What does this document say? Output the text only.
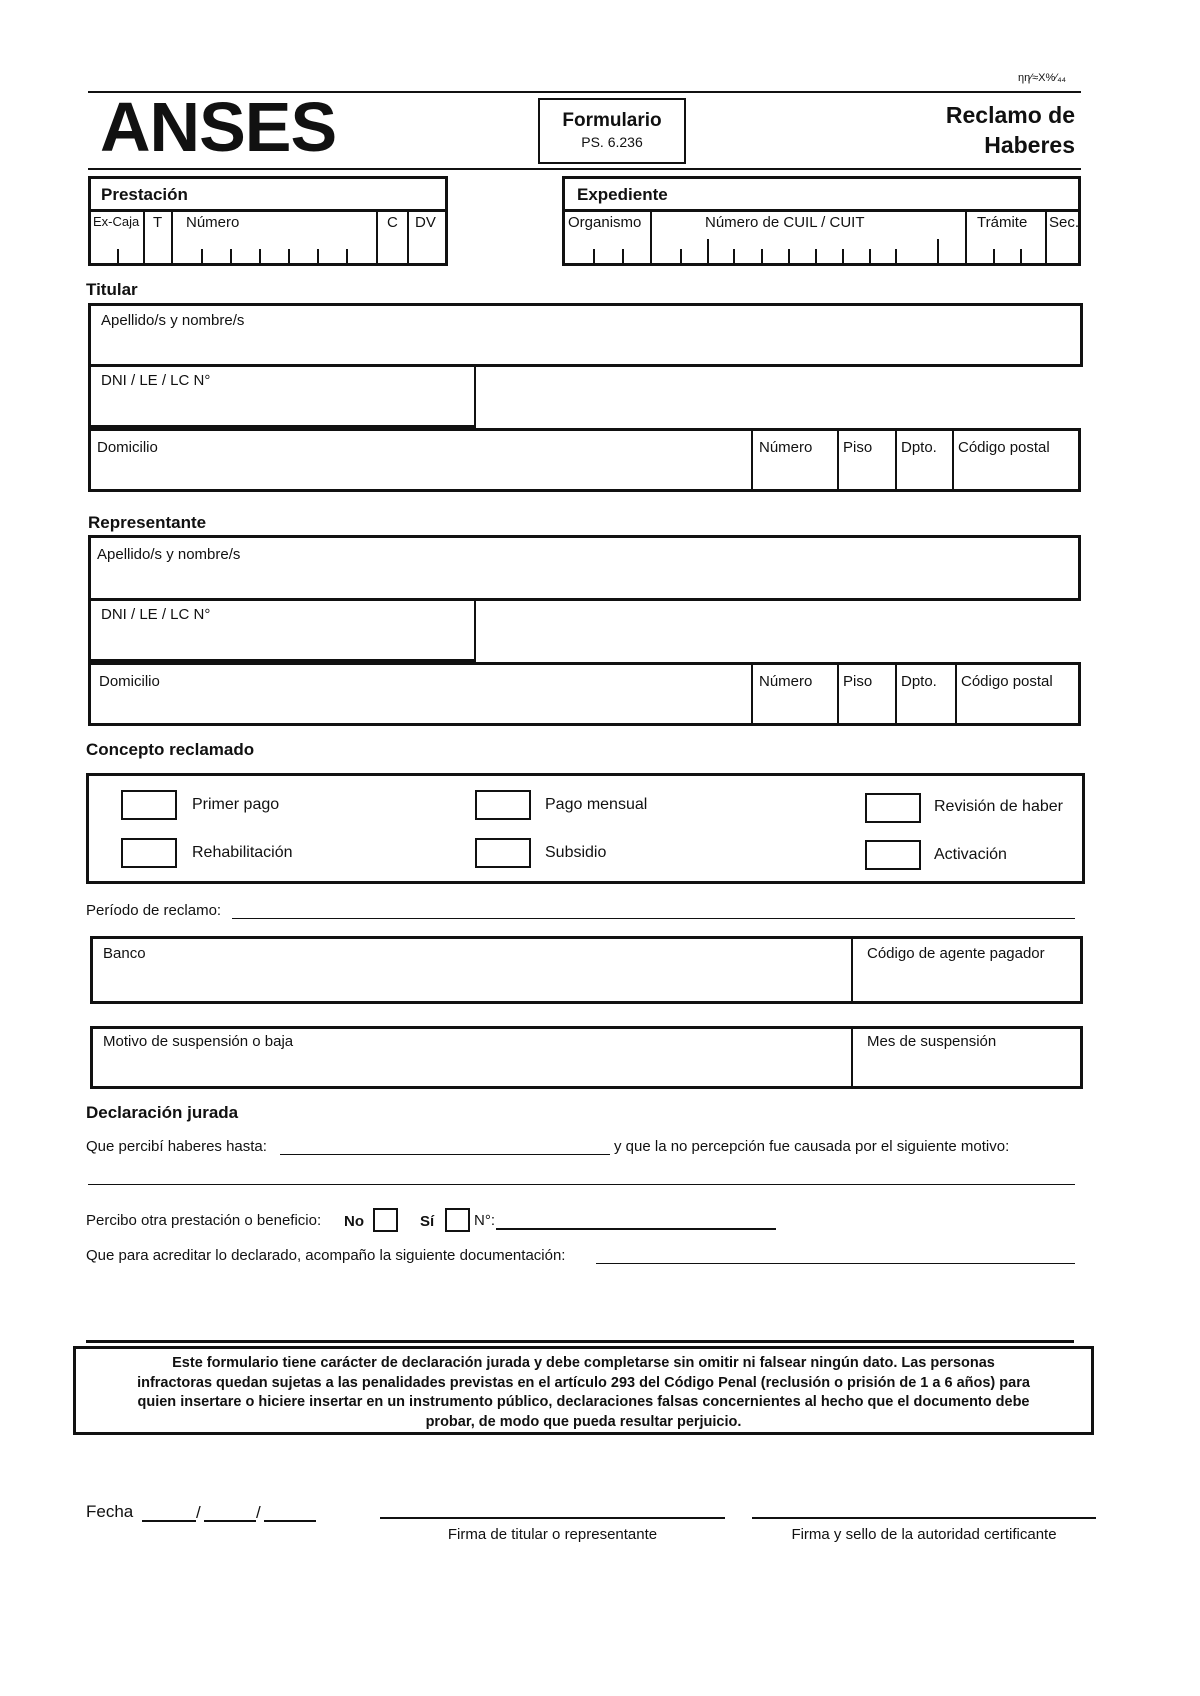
ηη⁄≈X%⁄₄₄
ANSES	Formulario
PS. 6.236
Reclamo de
Haberes
Prestación
Ex-Caja T Número	C DV
Expediente
Organismo	Número de CUIL / CUIT	Trámite Sec.
Titular
Apellido/s y nombre/s
DNI / LE / LC N°
Domicilio	Número Piso Dpto. Código postal
Representante
Apellido/s y nombre/s
DNI / LE / LC N°
Domicilio	Número Piso Dpto. Código postal
Concepto reclamado
Primer pago	Pago mensual	Revisión de haber
Rehabilitación	Subsidio	Activación
Período de reclamo:
Banco	Código de agente pagador
Motivo de suspensión o baja	Mes de suspensión
Declaración jurada
Que percibí haberes hasta:	y que la no percepción fue causada por el siguiente motivo:
Percibo otra prestación o beneficio: No	Sí	N°:
Que para acreditar lo declarado, acompaño la siguiente documentación:
Este formulario tiene carácter de declaración jurada y debe completarse sin omitir ni falsear ningún dato. Las personas
infractoras quedan sujetas a las penalidades previstas en el artículo 293 del Código Penal (reclusión o prisión de 1 a 6 años) para
quien insertare o hiciere insertar en un instrumento público, declaraciones falsas concernientes al hecho que el documento debe
probar, de modo que pueda resultar perjuicio.
Fecha	/	/
Firma de titular o representante	Firma y sello de la autoridad certificante
